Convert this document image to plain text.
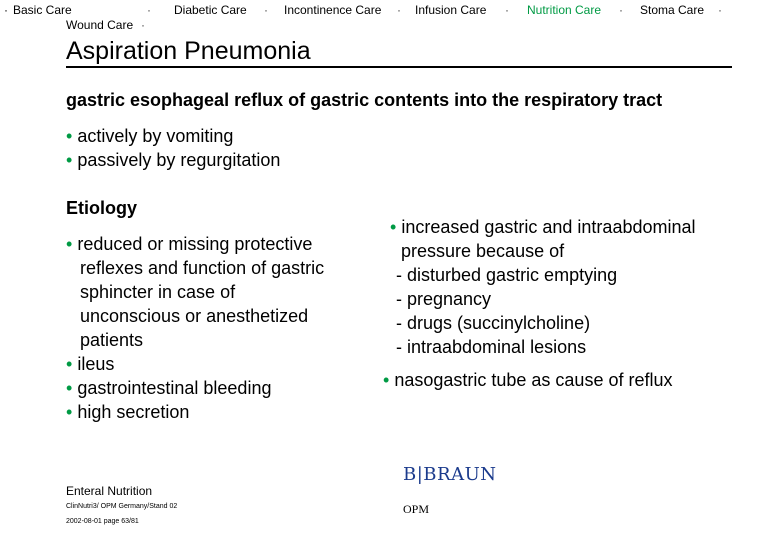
· Basic Care	· Diabetic Care · Incontinence Care · Infusion Care · Nutrition Care · Stoma Care ·
Wound Care ·
Aspiration Pneumonia
gastric esophageal reflux of gastric contents into the respiratory tract
• actively by vomiting
• passively by regurgitation
Etiology
• reduced or missing protective
reflexes and function of gastric
sphincter in case of
unconscious or anesthetized
patients
• ileus
• gastrointestinal bleeding
• high secretion
• increased gastric and intraabdominal
pressure because of
- disturbed gastric emptying
- pregnancy
- drugs (succinylcholine)
- intraabdominal lesions
• nasogastric tube as cause of reflux
Enteral Nutrition
ClinNutri3/ OPM Germany/Stand 02
2002-08-01 page 63/81
B|BRAUN
OPM
